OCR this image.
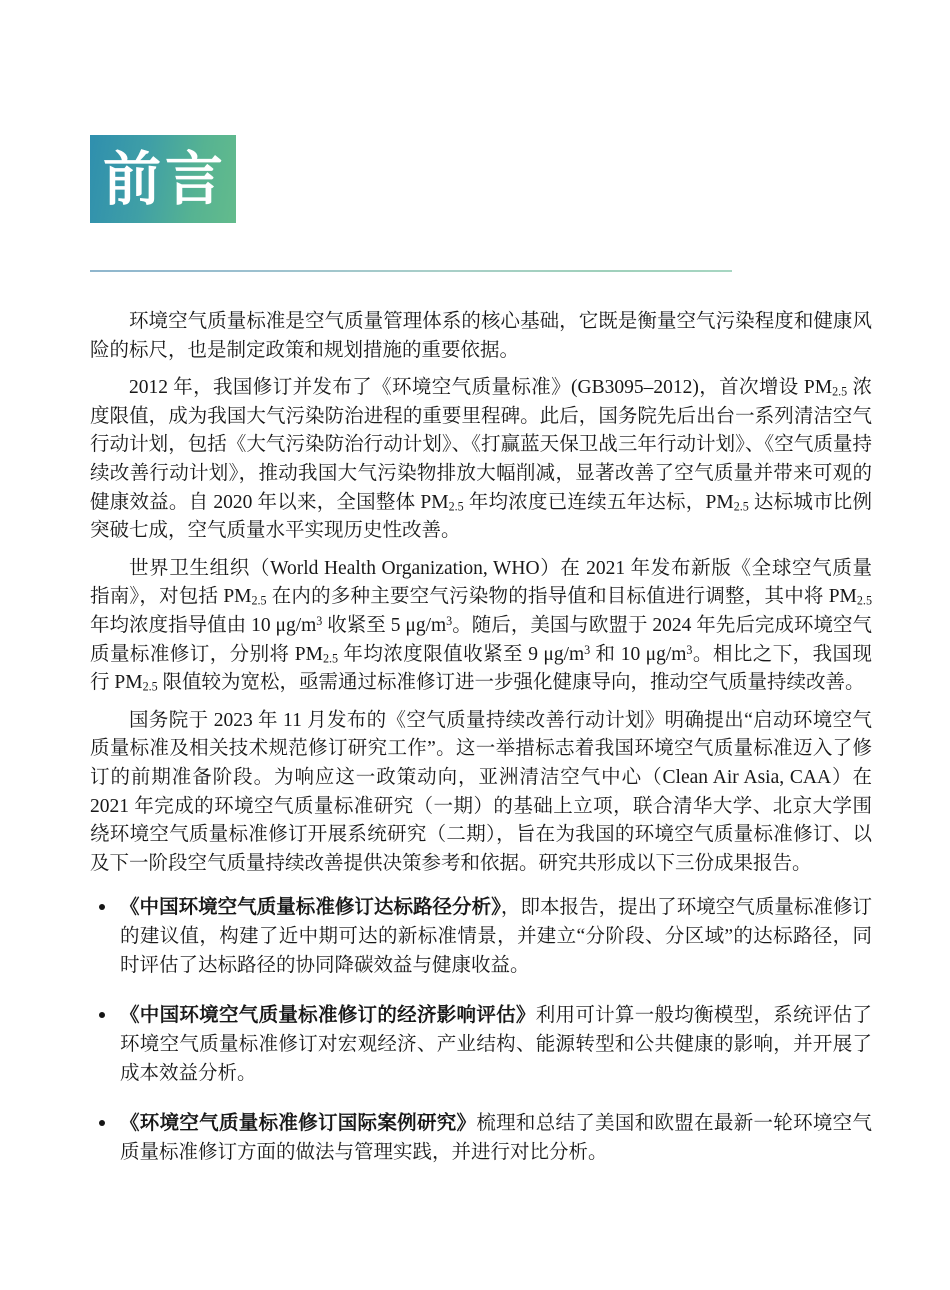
前言

环境空气质量标准是空气质量管理体系的核心基础，它既是衡量空气污染程度和健康风险的标尺，也是制定政策和规划措施的重要依据。

2012 年，我国修订并发布了《环境空气质量标准》(GB3095–2012)，首次增设 $PM_{2.5}$ 浓度限值，成为我国大气污染防治进程的重要里程碑。此后，国务院先后出台一系列清洁空气行动计划，包括《大气污染防治行动计划》、《打赢蓝天保卫战三年行动计划》、《空气质量持续改善行动计划》，推动我国大气污染物排放大幅削减，显著改善了空气质量并带来可观的健康效益。自 2020 年以来，全国整体 $PM_{2.5}$ 年均浓度已连续五年达标，$PM_{2.5}$ 达标城市比例突破七成，空气质量水平实现历史性改善。

世界卫生组织（World Health Organization, WHO）在 2021 年发布新版《全球空气质量指南》，对包括 $PM_{2.5}$ 在内的多种主要空气污染物的指导值和目标值进行调整，其中将 $PM_{2.5}$ 年均浓度指导值由 10 $\mu g/m^3$ 收紧至 5 $\mu g/m^3$。随后，美国与欧盟于 2024 年先后完成环境空气质量标准修订，分别将 $PM_{2.5}$ 年均浓度限值收紧至 9 $\mu g/m^3$ 和 10 $\mu g/m^3$。相比之下，我国现行 $PM_{2.5}$ 限值较为宽松，亟需通过标准修订进一步强化健康导向，推动空气质量持续改善。

国务院于 2023 年 11 月发布的《空气质量持续改善行动计划》明确提出“启动环境空气质量标准及相关技术规范修订研究工作”。这一举措标志着我国环境空气质量标准迈入了修订的前期准备阶段。为响应这一政策动向，亚洲清洁空气中心（Clean Air Asia, CAA）在 2021 年完成的环境空气质量标准研究（一期）的基础上立项，联合清华大学、北京大学围绕环境空气质量标准修订开展系统研究（二期），旨在为我国的环境空气质量标准修订、以及下一阶段空气质量持续改善提供决策参考和依据。研究共形成以下三份成果报告。

《中国环境空气质量标准修订达标路径分析》，即本报告，提出了环境空气质量标准修订的建议值，构建了近中期可达的新标准情景，并建立“分阶段、分区域”的达标路径，同时评估了达标路径的协同降碳效益与健康收益。
《中国环境空气质量标准修订的经济影响评估》利用可计算一般均衡模型，系统评估了环境空气质量标准修订对宏观经济、产业结构、能源转型和公共健康的影响，并开展了成本效益分析。
《环境空气质量标准修订国际案例研究》梳理和总结了美国和欧盟在最新一轮环境空气质量标准修订方面的做法与管理实践，并进行对比分析。
